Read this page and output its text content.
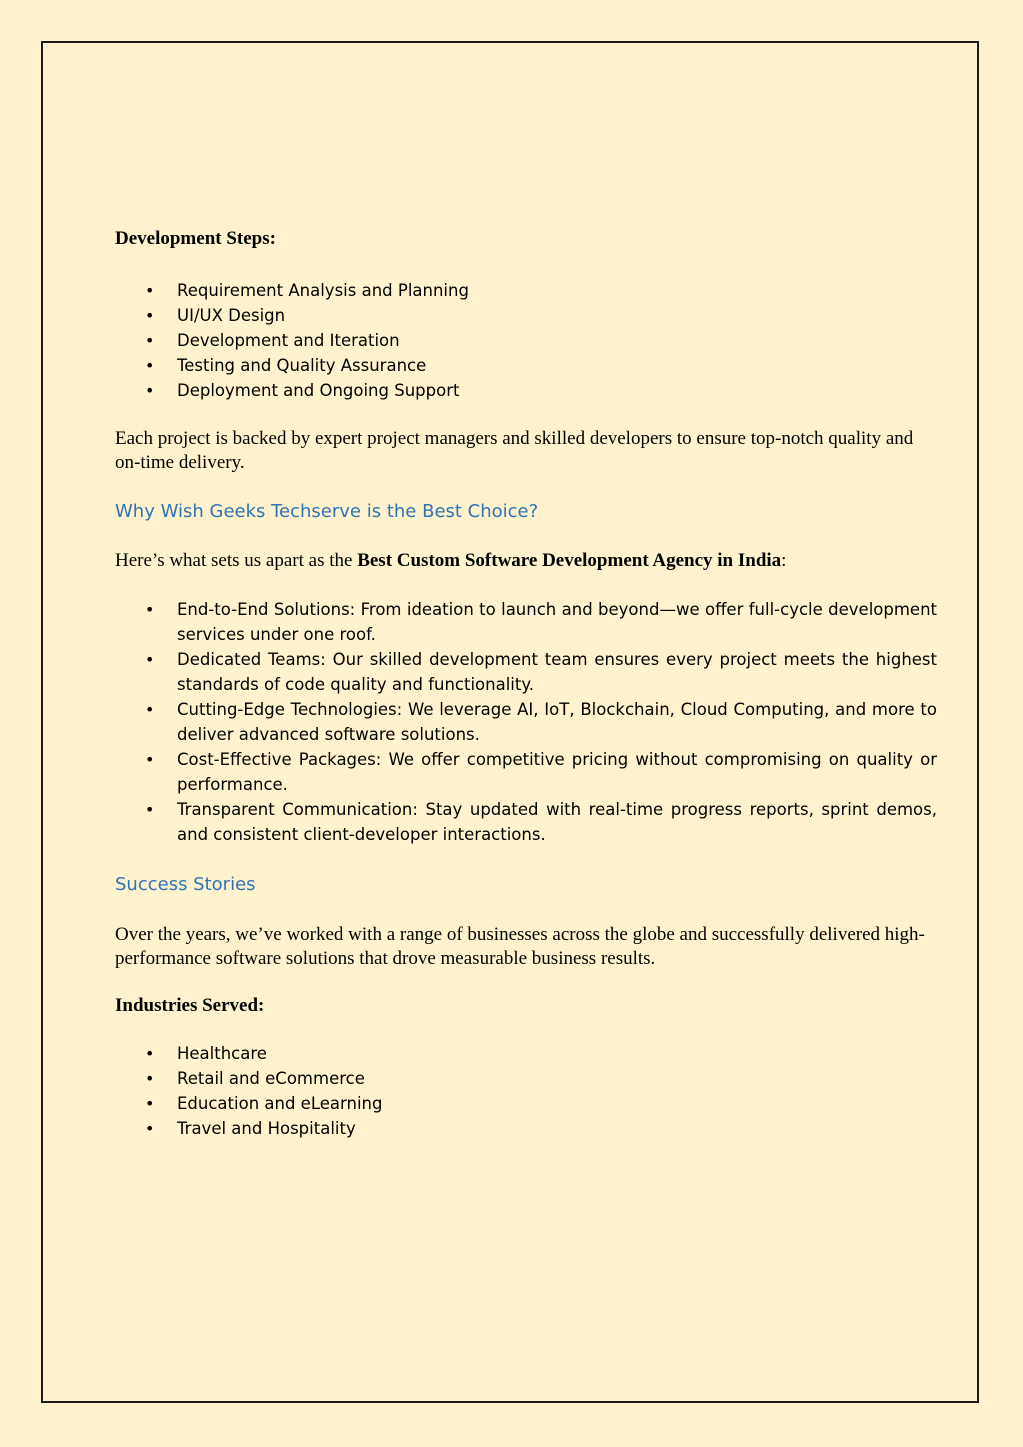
Development Steps:

• Requirement Analysis and Planning
• UI/UX Design
• Development and Iteration
• Testing and Quality Assurance
• Deployment and Ongoing Support

Each project is backed by expert project managers and skilled developers to ensure top-notch quality and on-time delivery.

Why Wish Geeks Techserve is the Best Choice?

Here’s what sets us apart as the Best Custom Software Development Agency in India:

• End-to-End Solutions: From ideation to launch and beyond—we offer full-cycle development services under one roof.
• Dedicated Teams: Our skilled development team ensures every project meets the highest standards of code quality and functionality.
• Cutting-Edge Technologies: We leverage AI, IoT, Blockchain, Cloud Computing, and more to deliver advanced software solutions.
• Cost-Effective Packages: We offer competitive pricing without compromising on quality or performance.
• Transparent Communication: Stay updated with real-time progress reports, sprint demos, and consistent client-developer interactions.
Success Stories

Over the years, we’ve worked with a range of businesses across the globe and successfully delivered high-performance software solutions that drove measurable business results.

Industries Served:

• Healthcare
• Retail and eCommerce
• Education and eLearning
• Travel and Hospitality
